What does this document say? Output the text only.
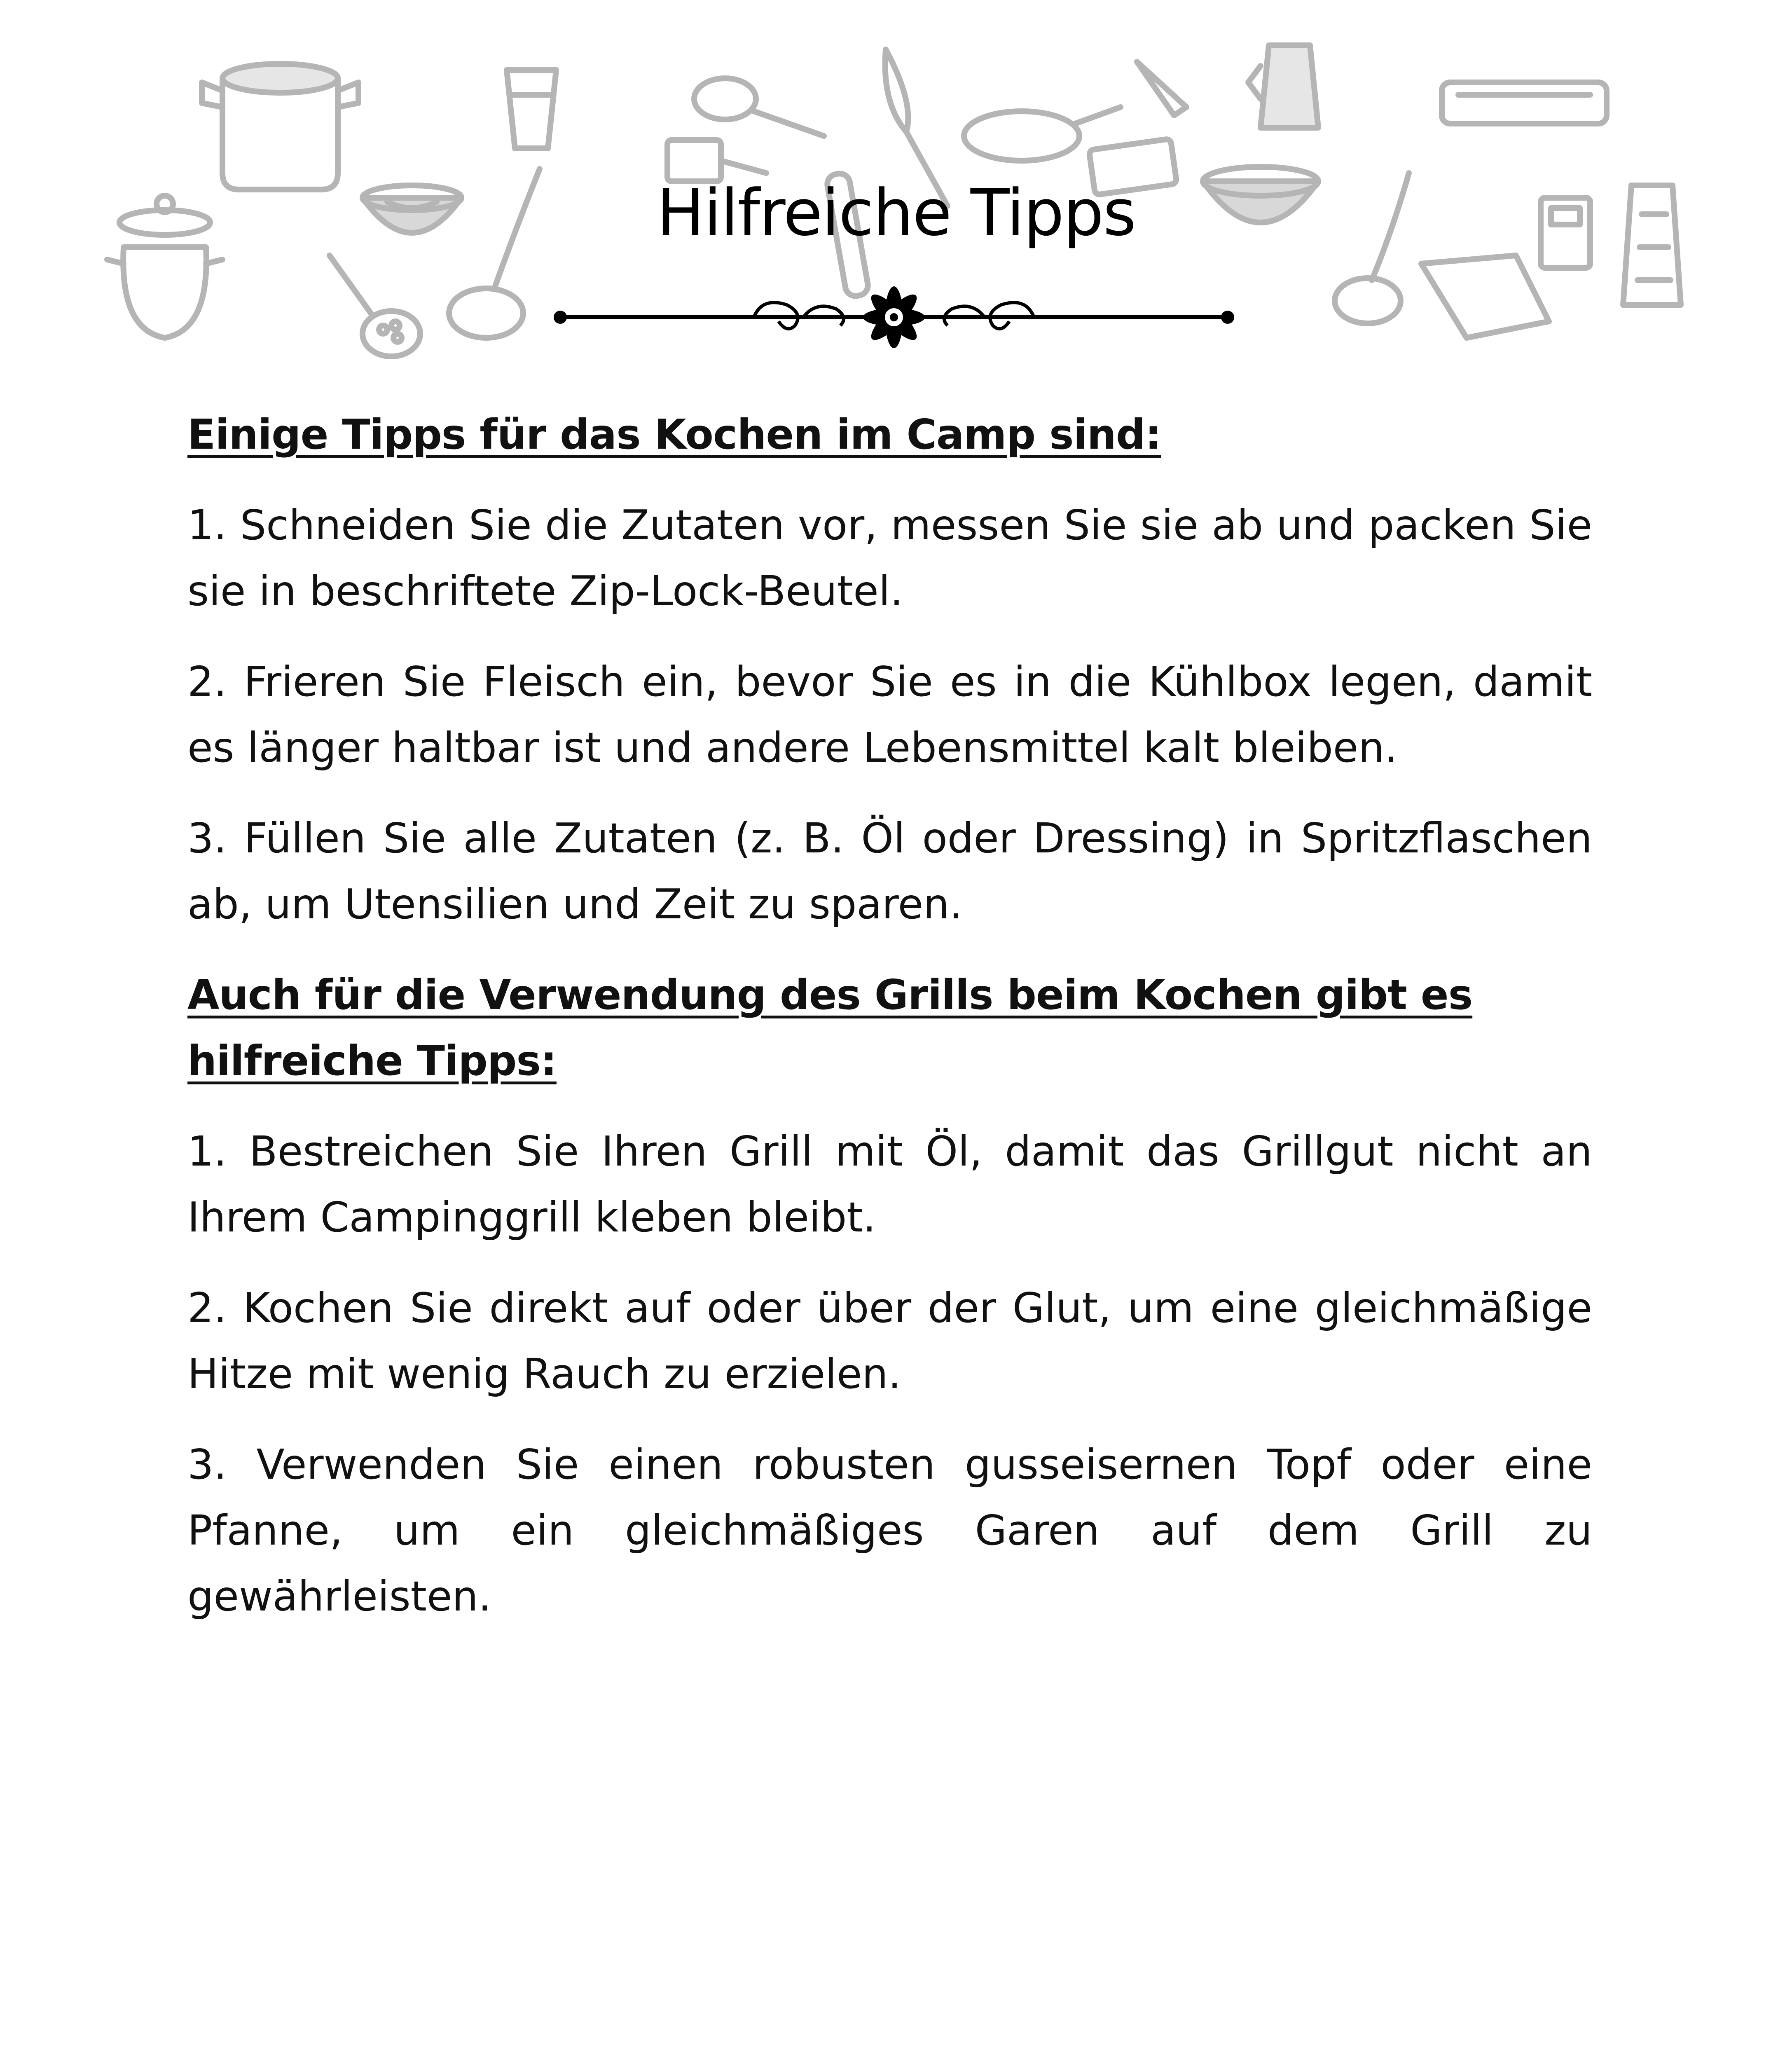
Hilfreiche Tipps

Einige Tipps für das Kochen im Camp sind:

1. Schneiden Sie die Zutaten vor, messen Sie sie ab und packen Sie sie in beschriftete Zip-Lock-Beutel.

2. Frieren Sie Fleisch ein, bevor Sie es in die Kühlbox legen, damit es länger haltbar ist und andere Lebensmittel kalt bleiben.

3. Füllen Sie alle Zutaten (z. B. Öl oder Dressing) in Spritzflaschen ab, um Utensilien und Zeit zu sparen.

Auch für die Verwendung des Grills beim Kochen gibt es hilfreiche Tipps:

1. Bestreichen Sie Ihren Grill mit Öl, damit das Grillgut nicht an Ihrem Campinggrill kleben bleibt.

2. Kochen Sie direkt auf oder über der Glut, um eine gleichmäßige Hitze mit wenig Rauch zu erzielen.

3. Verwenden Sie einen robusten gusseisernen Topf oder eine Pfanne, um ein gleichmäßiges Garen auf dem Grill zu gewährleisten.
